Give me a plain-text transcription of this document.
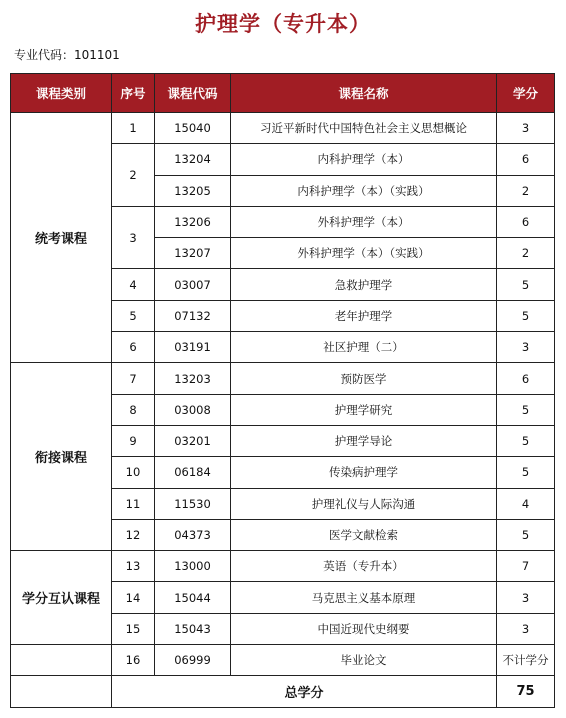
护理学（专升本）
专业代码：101101
课程类别	序号	课程代码	课程名称	学分
统考课程	1	15040	习近平新时代中国特色社会主义思想概论	3
	2	13204	内科护理学（本）	6
		13205	内科护理学（本）（实践）	2
	3	13206	外科护理学（本）	6
		13207	外科护理学（本）（实践）	2
	4	03007	急救护理学	5
	5	07132	老年护理学	5
	6	03191	社区护理（二）	3
衔接课程	7	13203	预防医学	6
	8	03008	护理学研究	5
	9	03201	护理学导论	5
	10	06184	传染病护理学	5
	11	11530	护理礼仪与人际沟通	4
	12	04373	医学文献检索	5
学分互认课程	13	13000	英语（专升本）	7
	14	15044	马克思主义基本原理	3
	15	15043	中国近现代史纲要	3
	16	06999	毕业论文	不计学分
	总学分			75
